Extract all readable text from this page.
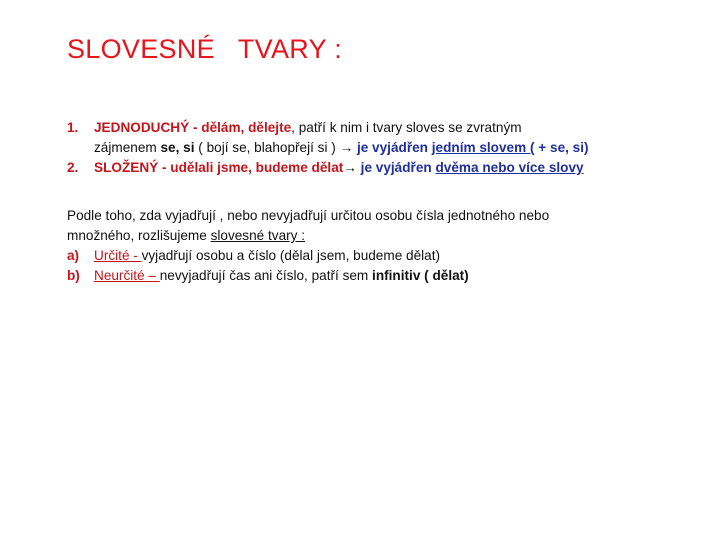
SLOVESNÉ   TVARY :
1. JEDNODUCHÝ - dělám, dělejte, patří k nim i tvary sloves se zvratným
zájmenem se, si ( bojí se, blahopřejí si ) → je vyjádřen jedním slovem ( + se, si)
2. SLOŽENÝ - udělali jsme, budeme dělat→ je vyjádřen dvěma nebo více slovy
Podle toho, zda vyjadřují , nebo nevyjadřují určitou osobu čísla jednotného nebo
množného, rozlišujeme slovesné tvary :
a) Určité - vyjadřují osobu a číslo (dělal jsem, budeme dělat)
b) Neurčité – nevyjadřují čas ani číslo, patří sem infinitiv ( dělat)
